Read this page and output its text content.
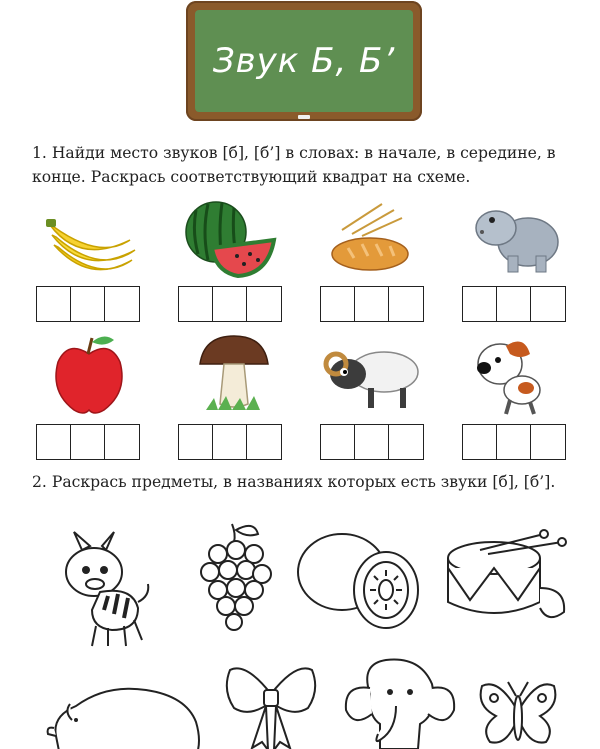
Звук Б, Б’

1. Найди место звуков [б], [б’] в словах: в начале, в середине, в конце. Раскрась соответствующий квадрат на схеме.

2. Раскрась предметы, в названиях которых есть звуки [б], [б’].
